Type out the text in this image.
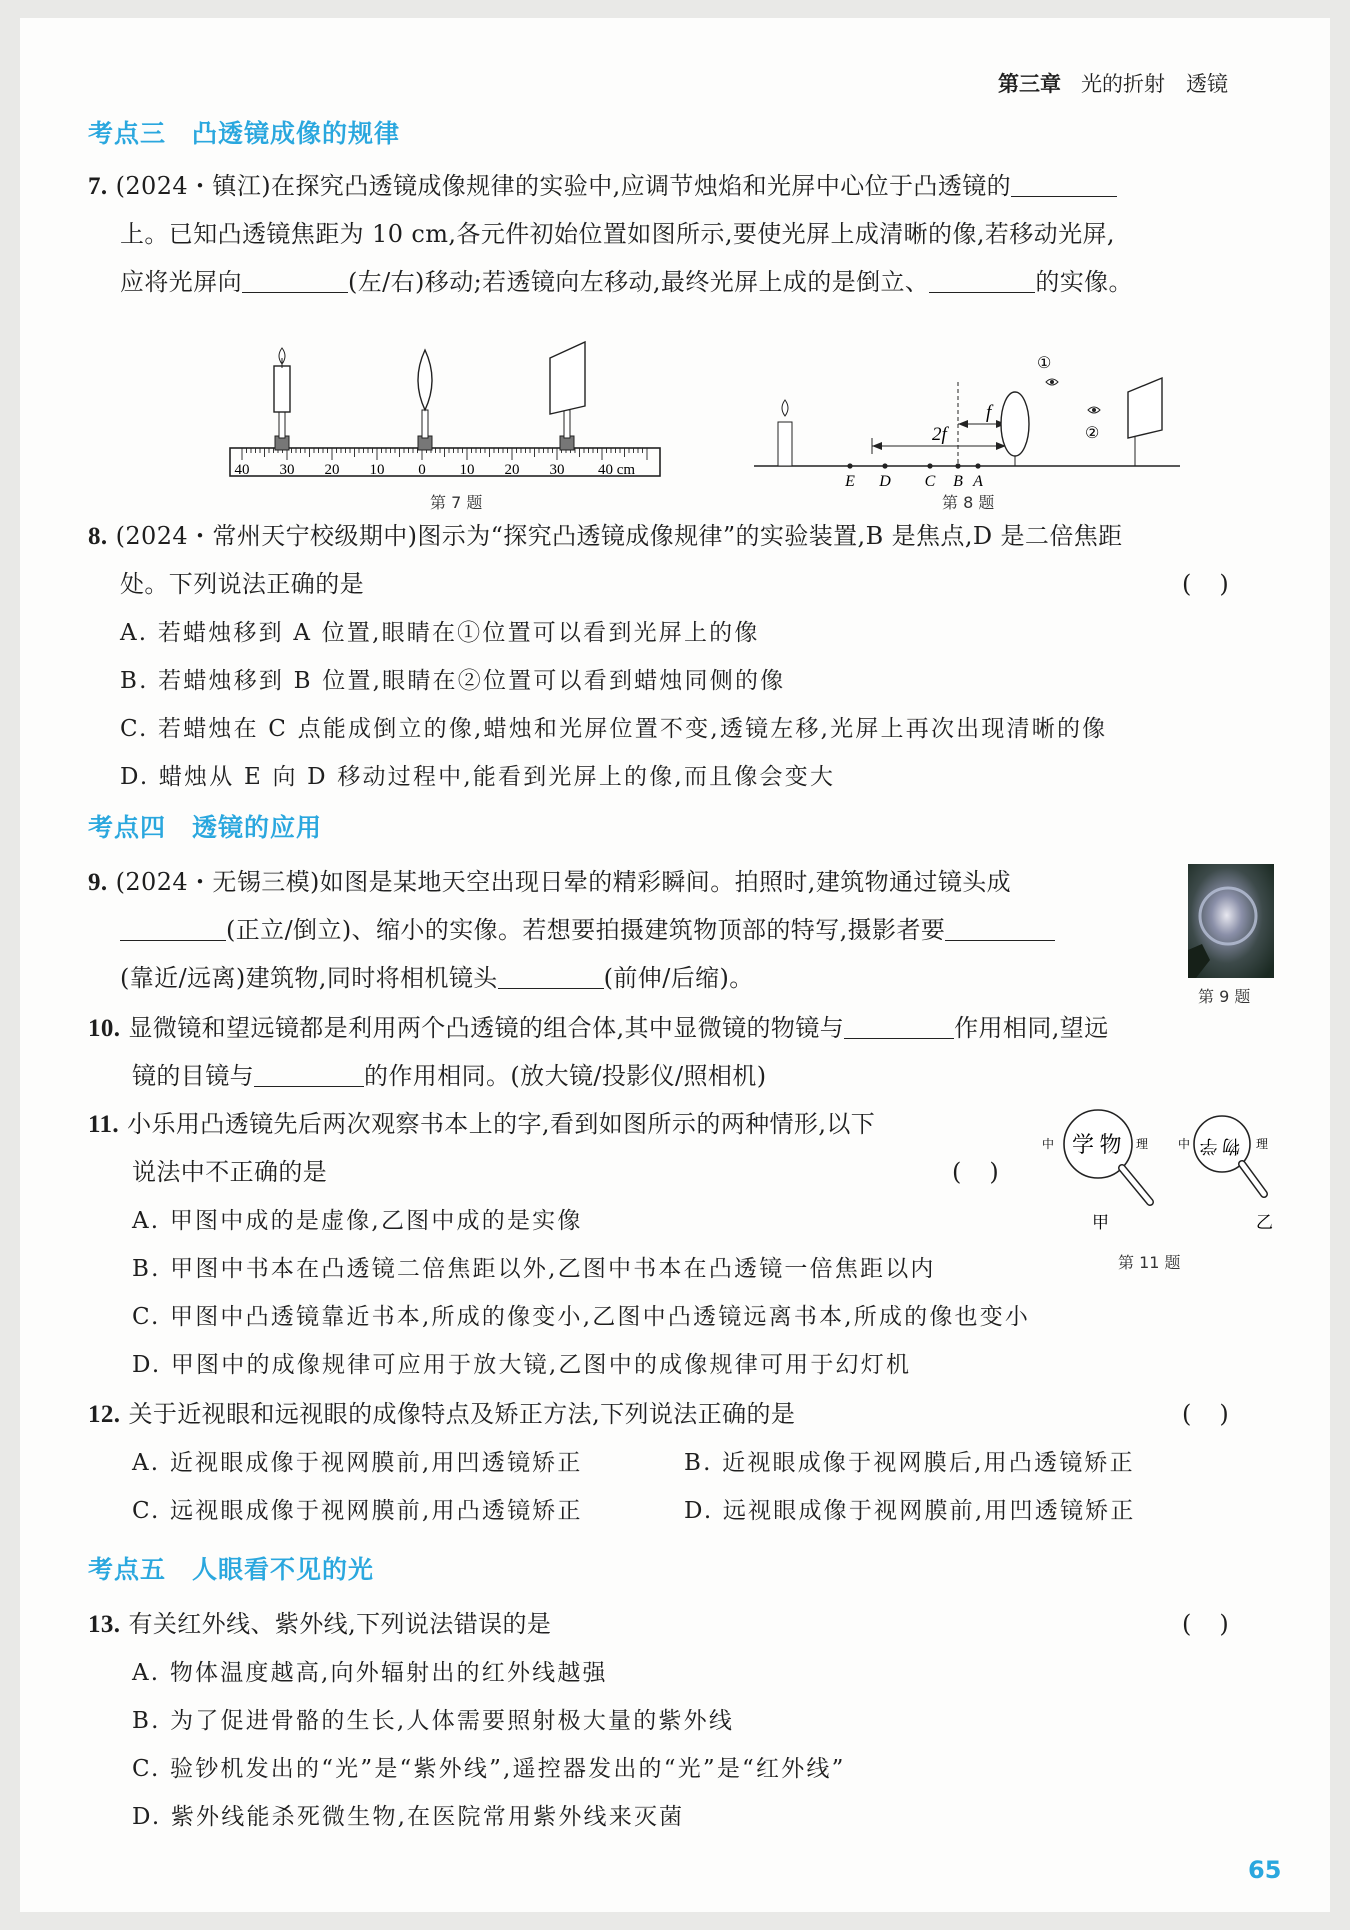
第三章 光的折射　透镜
考点三 凸透镜成像的规律
7. (2024・镇江)在探究凸透镜成像规律的实验中,应调节烛焰和光屏中心位于凸透镜的
上。已知凸透镜焦距为 10 cm,各元件初始位置如图所示,要使光屏上成清晰的像,若移动光屏,
应将光屏向	(左/右)移动;若透镜向左移动,最终光屏上成的是倒立、	的实像。
40 30 20 10 0 10 20 30 40 cm
第 7 题
E D C B A
2f
f
①
②
第 8 题
8. (2024・常州天宁校级期中)图示为“探究凸透镜成像规律”的实验装置,B 是焦点,D 是二倍焦距
处。下列说法正确的是	()
A. 若蜡烛移到 A 位置,眼睛在①位置可以看到光屏上的像
B. 若蜡烛移到 B 位置,眼睛在②位置可以看到蜡烛同侧的像
C. 若蜡烛在 C 点能成倒立的像,蜡烛和光屏位置不变,透镜左移,光屏上再次出现清晰的像
D. 蜡烛从 E 向 D 移动过程中,能看到光屏上的像,而且像会变大
考点四 透镜的应用
9. (2024・无锡三模)如图是某地天空出现日晕的精彩瞬间。拍照时,建筑物通过镜头成
(正立/倒立)、缩小的实像。若想要拍摄建筑物顶部的特写,摄影者要
(靠近/远离)建筑物,同时将相机镜头	(前伸/后缩)。
第 9 题
10. 显微镜和望远镜都是利用两个凸透镜的组合体,其中显微镜的物镜与	作用相同,望远
镜的目镜与	的作用相同。(放大镜/投影仪/照相机)
11. 小乐用凸透镜先后两次观察书本上的字,看到如图所示的两种情形,以下
说法中不正确的是	()
中 学 物 理
甲
中 物 学 理
乙
第 11 题
A. 甲图中成的是虚像,乙图中成的是实像
B. 甲图中书本在凸透镜二倍焦距以外,乙图中书本在凸透镜一倍焦距以内
C. 甲图中凸透镜靠近书本,所成的像变小,乙图中凸透镜远离书本,所成的像也变小
D. 甲图中的成像规律可应用于放大镜,乙图中的成像规律可用于幻灯机
12. 关于近视眼和远视眼的成像特点及矫正方法,下列说法正确的是	()
A. 近视眼成像于视网膜前,用凹透镜矫正	B. 近视眼成像于视网膜后,用凸透镜矫正
C. 远视眼成像于视网膜前,用凸透镜矫正	D. 远视眼成像于视网膜前,用凹透镜矫正
考点五 人眼看不见的光
13. 有关红外线、紫外线,下列说法错误的是	()
A. 物体温度越高,向外辐射出的红外线越强
B. 为了促进骨骼的生长,人体需要照射极大量的紫外线
C. 验钞机发出的“光”是“紫外线”,遥控器发出的“光”是“红外线”
D. 紫外线能杀死微生物,在医院常用紫外线来灭菌
65
